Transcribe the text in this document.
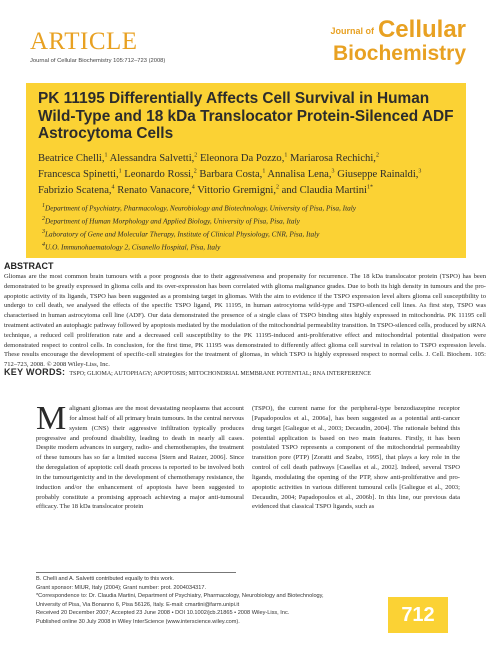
ARTICLE
Journal of Cellular Biochemistry 105:712–723 (2008)
Journal of Cellular
Biochemistry
PK 11195 Differentially Affects Cell Survival in Human Wild-Type and 18 kDa Translocator Protein-Silenced ADF Astrocytoma Cells
Beatrice Chelli,$^1$ Alessandra Salvetti,$^2$ Eleonora Da Pozzo,$^1$ Mariarosa Rechichi,$^2$
Francesca Spinetti,$^1$ Leonardo Rossi,$^2$ Barbara Costa,$^1$ Annalisa Lena,$^3$ Giuseppe Rainaldi,$^3$
Fabrizio Scatena,$^4$ Renato Vanacore,$^4$ Vittorio Gremigni,$^2$ and Claudia Martini$^{1*}$
$^1$Department of Psychiatry, Pharmacology, Neurobiology and Biotechnology, University of Pisa, Pisa, Italy
$^2$Department of Human Morphology and Applied Biology, University of Pisa, Pisa, Italy
$^3$Laboratory of Gene and Molecular Therapy, Institute of Clinical Physiology, CNR, Pisa, Italy
$^4$U.O. Immunohaematology 2, Cisanello Hospital, Pisa, Italy
ABSTRACT

Gliomas are the most common brain tumours with a poor prognosis due to their aggressiveness and propensity for recurrence. The 18 kDa translocator protein (TSPO) has been demonstrated to be greatly expressed in glioma cells and its over-expression has been correlated with glioma malignance grades. Due to both its high density in tumours and the pro-apoptotic activity of its ligands, TSPO has been suggested as a promising target in gliomas. With the aim to evidence if the TSPO expression level alters glioma cell susceptibility to undergo to cell death, we analysed the effects of the specific TSPO ligand, PK 11195, in human astrocytoma wild-type and TSPO-silenced cell lines. As first step, TSPO was characterised in human astrocytoma cell line (ADF). Our data demonstrated the presence of a single class of TSPO binding sites highly expressed in mitochondria. PK 11195 cell treatment activated an autophagic pathway followed by apoptosis mediated by the modulation of the mitochondrial permeability transition. In TSPO-silenced cells, produced by siRNA technique, a reduced cell proliferation rate and a decreased cell susceptibility to the PK 11195-induced anti-proliferative effect and mitochondrial potential dissipation were demonstrated respect to control cells. In conclusion, for the first time, PK 11195 was demonstrated to differently affect glioma cell survival in relation to TSPO expression levels. These results encourage the development of specific-cell strategies for the treatment of gliomas, in which TSPO is highly expressed respect to normal cells. J. Cell. Biochem. 105: 712–723, 2008. © 2008 Wiley-Liss, Inc.

KEY WORDS: TSPO; GLIOMA; AUTOPHAGY; APOPTOSIS; MITOCHONDRIAL MEMBRANE POTENTIAL; RNA INTERFERENCE

Malignant gliomas are the most devastating neoplasms that account for almost half of all primary brain tumours. In the central nervous system (CNS) their aggressive infiltration typically produces progressive and profound disability, leading to death in nearly all cases. Despite modern advances in surgery, radio- and chemotherapies, the treatment of these tumours has so far a limited success [Stern and Raizer, 2006]. Since the deregulation of apoptotic cell death process is reported to be involved both in the tumourigenicity and in the development of chemotherapy resistance, the induction and/or the enhancement of apoptosis have been suggested to probably constitute a promising approach achieving a major anti-tumoural efficacy. The 18 kDa translocator protein

(TSPO), the current name for the peripheral-type benzodiazepine receptor [Papadopoulos et al., 2006a], has been suggested as a potential anti-cancer drug target [Galiegue et al., 2003; Decaudin, 2004]. The rationale behind this potential application is based on two main features. Firstly, it has been postulated TSPO represents a component of the mitochondrial permeability transition pore (PTP) [Zoratti and Szabo, 1995], that plays a key role in the control of cell death pathways [Casellas et al., 2002]. Indeed, several TSPO ligands, modulating the opening of the PTP, show anti-proliferative and pro-apoptotic activities in various different tumoural cells [Galiegue et al., 2003; Decaudin, 2004; Papadopoulos et al., 2006b]. In this line, our previous data evidenced that classical TSPO ligands, such as

B. Chelli and A. Salvetti contributed equally to this work.
Grant sponsor: MIUR, Italy (2004); Grant number: prot. 2004034317.
*Correspondence to: Dr. Claudia Martini, Department of Psychiatry, Pharmacology, Neurobiology and Biotechnology,
University of Pisa, Via Bonanno 6, Pisa 56126, Italy. E-mail: cmartini@farm.unipi.it
Received 20 December 2007; Accepted 23 June 2008 • DOI 10.1002/jcb.21865 • 2008 Wiley-Liss, Inc.
Published online 30 July 2008 in Wiley InterScience (www.interscience.wiley.com).	712
